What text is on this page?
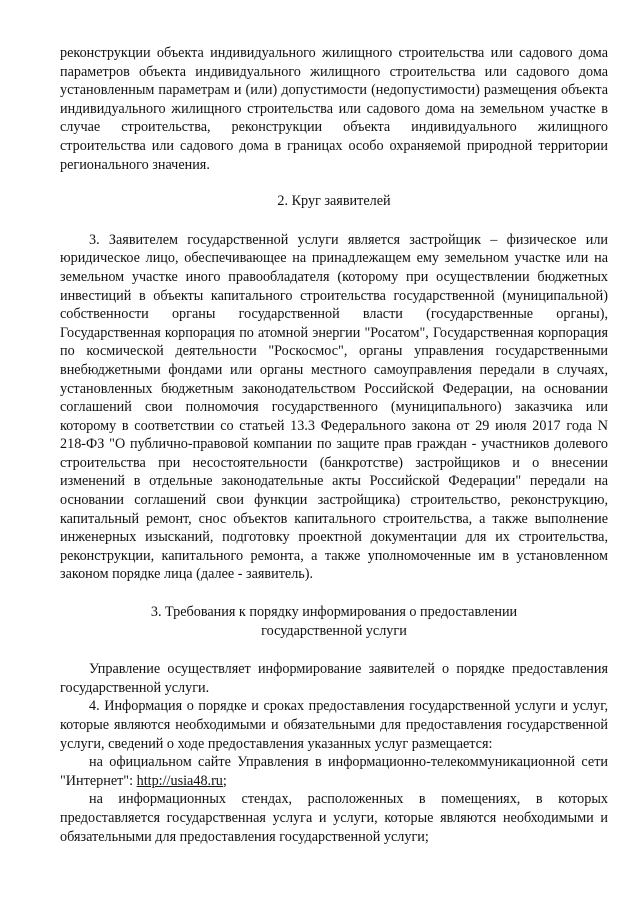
реконструкции объекта индивидуального жилищного строительства или садового дома параметров объекта индивидуального жилищного строительства или садового дома установленным параметрам и (или) допустимости (недопустимости) размещения объекта индивидуального жилищного строительства или садового дома на земельном участке в случае строительства, реконструкции объекта индивидуального жилищного строительства или садового дома в границах особо охраняемой природной территории регионального значения.

2. Круг заявителей

3. Заявителем государственной услуги является застройщик – физическое или юридическое лицо, обеспечивающее на принадлежащем ему земельном участке или на земельном участке иного правообладателя (которому при осуществлении бюджетных инвестиций в объекты капитального строительства государственной (муниципальной) собственности органы государственной власти (государственные органы), Государственная корпорация по атомной энергии "Росатом", Государственная корпорация по космической деятельности "Роскосмос", органы управления государственными внебюджетными фондами или органы местного самоуправления передали в случаях, установленных бюджетным законодательством Российской Федерации, на основании соглашений свои полномочия государственного (муниципального) заказчика или которому в соответствии со статьей 13.3 Федерального закона от 29 июля 2017 года N 218-ФЗ "О публично-правовой компании по защите прав граждан - участников долевого строительства при несостоятельности (банкротстве) застройщиков и о внесении изменений в отдельные законодательные акты Российской Федерации" передали на основании соглашений свои функции застройщика) строительство, реконструкцию, капитальный ремонт, снос объектов капитального строительства, а также выполнение инженерных изысканий, подготовку проектной документации для их строительства, реконструкции, капитального ремонта, а также уполномоченные им в установленном законом порядке лица (далее - заявитель).

3. Требования к порядку информирования о предоставлении
государственной услуги

Управление осуществляет информирование заявителей о порядке предоставления государственной услуги.

4. Информация о порядке и сроках предоставления государственной услуги и услуг, которые являются необходимыми и обязательными для предоставления государственной услуги, сведений о ходе предоставления указанных услуг размещается:

на официальном сайте Управления в информационно-телекоммуникационной сети "Интернет": http://usia48.ru;

на информационных стендах, расположенных в помещениях, в которых предоставляется государственная услуга и услуги, которые являются необходимыми и обязательными для предоставления государственной услуги;
